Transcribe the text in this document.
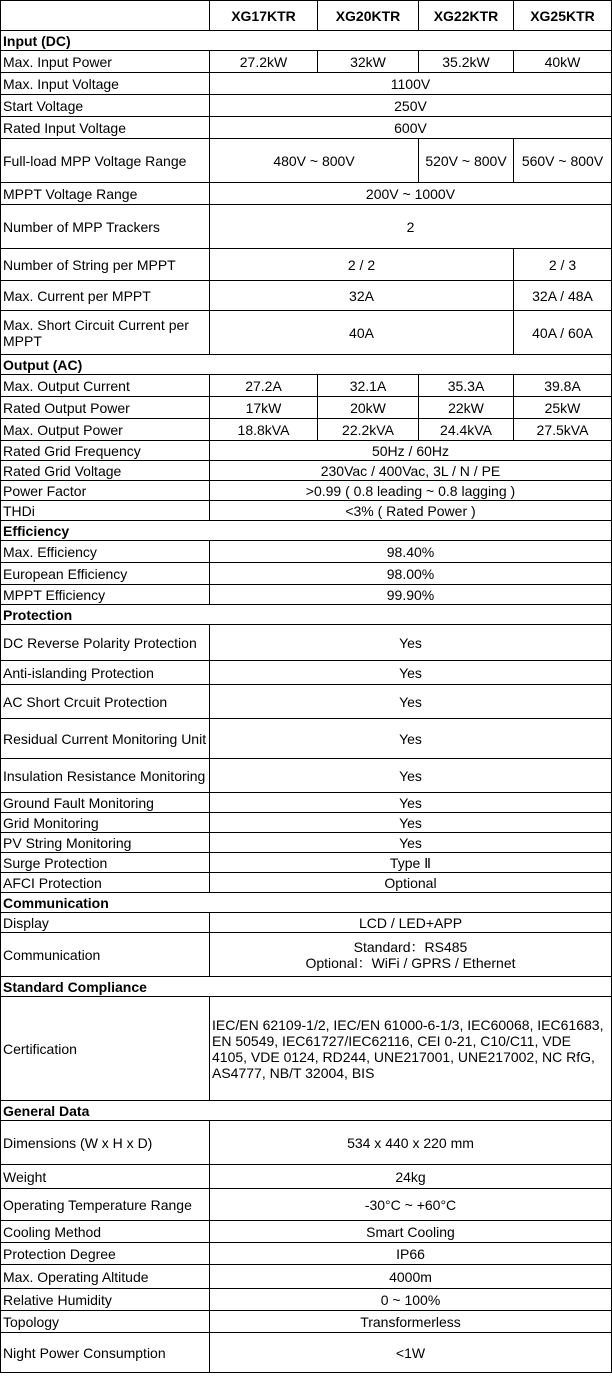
	XG17KTR	XG20KTR	XG22KTR	XG25KTR
Input (DC)				
Max. Input Power	27.2kW	32kW	35.2kW	40kW
Max. Input Voltage	1100V			
Start Voltage	250V			
Rated Input Voltage	600V			
Full-load MPP Voltage Range	480V ~ 800V		520V ~ 800V	560V ~ 800V
MPPT Voltage Range	200V ~ 1000V			
Number of MPP Trackers	2			
Number of String per MPPT	2 / 2			2 / 3
Max. Current per MPPT	32A			32A / 48A
Max. Short Circuit Current per MPPT	40A			40A / 60A
Output (AC)				
Max. Output Current	27.2A	32.1A	35.3A	39.8A
Rated Output Power	17kW	20kW	22kW	25kW
Max. Output Power	18.8kVA	22.2kVA	24.4kVA	27.5kVA
Rated Grid Frequency	50Hz / 60Hz			
Rated Grid Voltage	230Vac / 400Vac, 3L / N / PE			
Power Factor	>0.99 ( 0.8 leading ~ 0.8 lagging )			
THDi	<3% ( Rated Power )			
Efficiency				
Max. Efficiency	98.40%			
European Efficiency	98.00%			
MPPT Efficiency	99.90%			
Protection				
DC Reverse Polarity Protection	Yes			
Anti-islanding Protection	Yes			
AC Short Crcuit Protection	Yes			
Residual Current Monitoring Unit	Yes			
Insulation Resistance Monitoring	Yes			
Ground Fault Monitoring	Yes			
Grid Monitoring	Yes			
PV String Monitoring	Yes			
Surge Protection	Type Ⅱ			
AFCI Protection	Optional			
Communication				
Display	LCD / LED+APP			
Communication	Standard：RS485
Optional：WiFi / GPRS / Ethernet			
Standard Compliance				
Certification	IEC/EN 62109-1/2, IEC/EN 61000-6-1/3, IEC60068, IEC61683, EN 50549, IEC61727/IEC62116, CEI 0-21, C10/C11, VDE 4105, VDE 0124, RD244, UNE217001, UNE217002, NC RfG, AS4777, NB/T 32004, BIS			
General Data				
Dimensions (W x H x D)	534 x 440 x 220 mm			
Weight	24kg			
Operating Temperature Range	-30°C ~ +60°C			
Cooling Method	Smart Cooling			
Protection Degree	IP66			
Max. Operating Altitude	4000m			
Relative Humidity	0 ~ 100%			
Topology	Transformerless			
Night Power Consumption	<1W			
